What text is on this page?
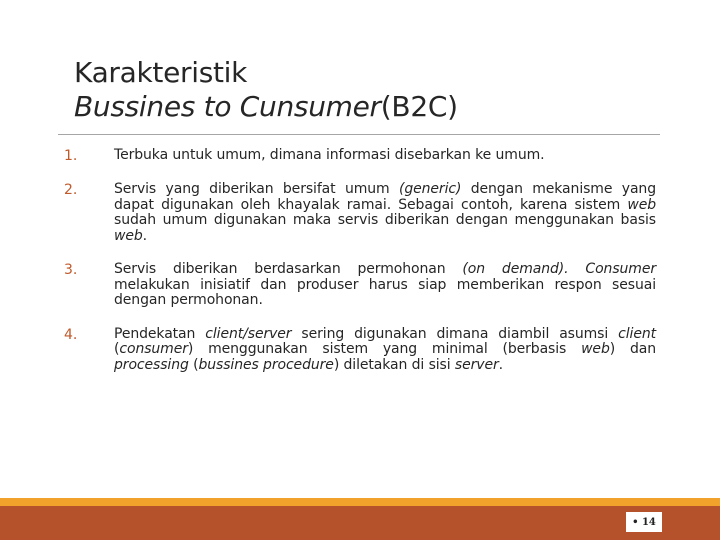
Karakteristik
Bussines to Cunsumer(B2C)
1.	Terbuka untuk umum, dimana informasi disebarkan ke umum.
2.	Servis yang diberikan bersifat umum (generic) dengan mekanisme yang dapat digunakan oleh khayalak ramai. Sebagai contoh, karena sistem web sudah umum digunakan maka servis diberikan dengan menggunakan basis web.
3.	Servis diberikan berdasarkan permohonan (on demand). Consumer melakukan inisiatif dan produser harus siap memberikan respon sesuai dengan permohonan.
4.	Pendekatan client/server sering digunakan dimana diambil asumsi client (consumer) menggunakan sistem yang minimal (berbasis web) dan processing (bussines procedure) diletakan di sisi server.
• 14
